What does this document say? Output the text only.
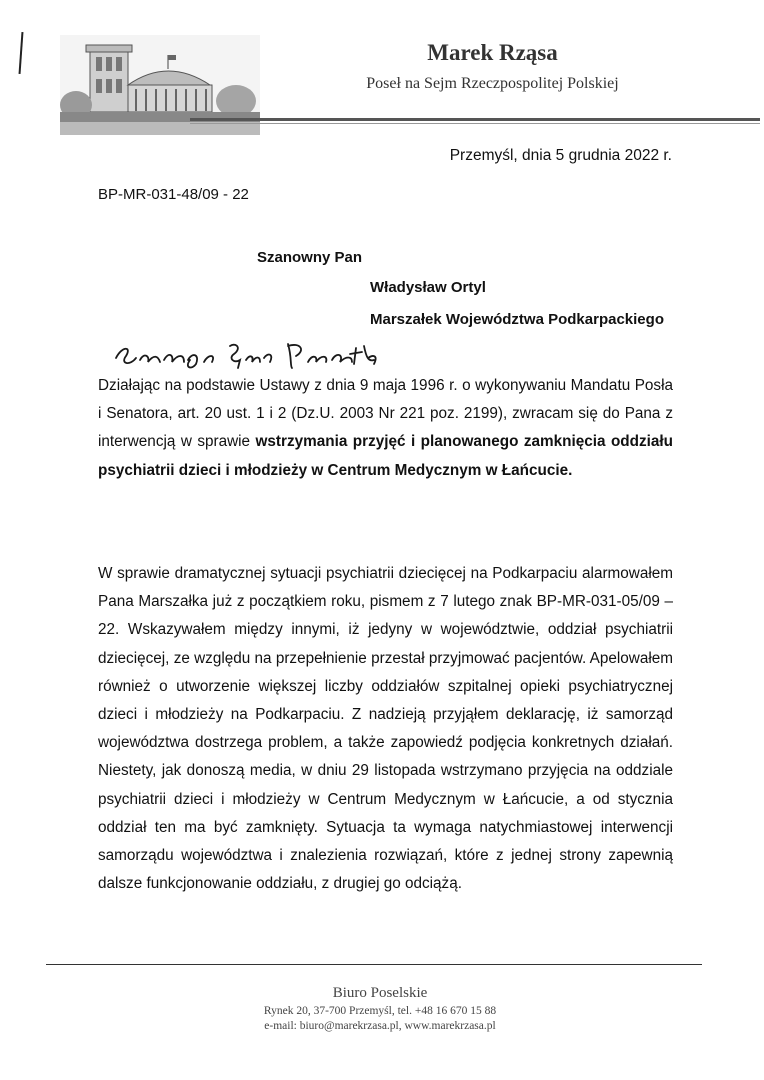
Marek Rząsa
Poseł na Sejm Rzeczpospolitej Polskiej
Przemyśl, dnia 5 grudnia 2022 r.
BP-MR-031-48/09 - 22
Szanowny Pan
Władysław Ortyl
Marszałek Województwa Podkarpackiego
Działając na podstawie Ustawy z dnia 9 maja 1996 r. o wykonywaniu Mandatu Posła i Senatora, art. 20 ust. 1 i 2 (Dz.U. 2003 Nr 221 poz. 2199), zwracam się do Pana z interwencją w sprawie wstrzymania przyjęć i planowanego zamknięcia oddziału psychiatrii dzieci i młodzieży w Centrum Medycznym w Łańcucie.
W sprawie dramatycznej sytuacji psychiatrii dziecięcej na Podkarpaciu alarmowałem Pana Marszałka już z początkiem roku, pismem z 7 lutego znak BP-MR-031-05/09 – 22. Wskazywałem między innymi, iż jedyny w województwie, oddział psychiatrii dziecięcej, ze względu na przepełnienie przestał przyjmować pacjentów. Apelowałem również o utworzenie większej liczby oddziałów szpitalnej opieki psychiatrycznej dzieci i młodzieży na Podkarpaciu. Z nadzieją przyjąłem deklarację, iż samorząd województwa dostrzega problem, a także zapowiedź podjęcia konkretnych działań. Niestety, jak donoszą media, w dniu 29 listopada wstrzymano przyjęcia na oddziale psychiatrii dzieci i młodzieży w Centrum Medycznym w Łańcucie, a od stycznia oddział ten ma być zamknięty. Sytuacja ta wymaga natychmiastowej interwencji samorządu województwa i znalezienia rozwiązań, które z jednej strony zapewnią dalsze funkcjonowanie oddziału, z drugiej go odciążą.
Biuro Poselskie
Rynek 20, 37-700 Przemyśl, tel. +48 16 670 15 88
e-mail: biuro@marekrzasa.pl, www.marekrzasa.pl
